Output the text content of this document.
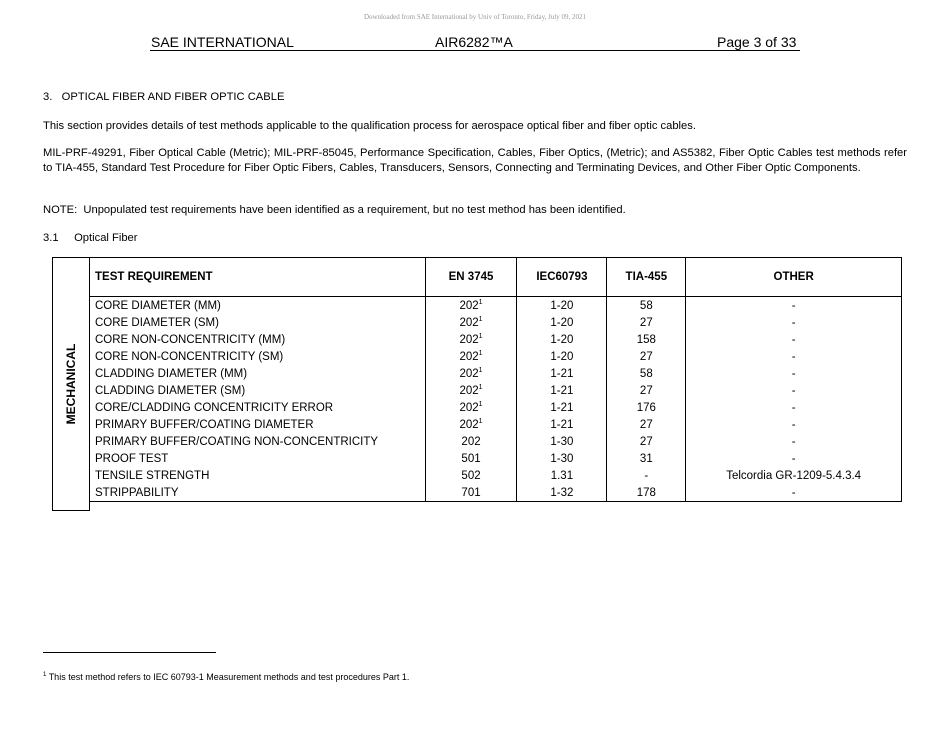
Downloaded from SAE International by Univ of Toronto, Friday, July 09, 2021
SAE INTERNATIONAL	AIR6282™A	Page 3 of 33
3.   OPTICAL FIBER AND FIBER OPTIC CABLE
This section provides details of test methods applicable to the qualification process for aerospace optical fiber and fiber optic cables.
MIL-PRF-49291, Fiber Optical Cable (Metric); MIL-PRF-85045, Performance Specification, Cables, Fiber Optics, (Metric); and AS5382, Fiber Optic Cables test methods refer to TIA-455, Standard Test Procedure for Fiber Optic Fibers, Cables, Transducers, Sensors, Connecting and Terminating Devices, and Other Fiber Optic Components.
NOTE:  Unpopulated test requirements have been identified as a requirement, but no test method has been identified.
3.1     Optical Fiber
TEST REQUIREMENT	EN 3745	IEC60793	TIA-455	OTHER
CORE DIAMETER (MM)	$202^1$	1-20	58	-
CORE DIAMETER (SM)	$202^1$	1-20	27	-
CORE NON-CONCENTRICITY (MM)	$202^1$	1-20	158	-
CORE NON-CONCENTRICITY (SM)	$202^1$	1-20	27	-
CLADDING DIAMETER (MM)	$202^1$	1-21	58	-
CLADDING DIAMETER (SM)	$202^1$	1-21	27	-
CORE/CLADDING CONCENTRICITY ERROR	$202^1$	1-21	176	-
PRIMARY BUFFER/COATING DIAMETER	$202^1$	1-21	27	-
PRIMARY BUFFER/COATING NON-CONCENTRICITY	202	1-30	27	-
PROOF TEST	501	1-30	31	-
TENSILE STRENGTH	502	1.31	-	Telcordia GR-1209-5.4.3.4
STRIPPABILITY	701	1-32	178	-
MECHANICAL
$^1$ This test method refers to IEC 60793-1 Measurement methods and test procedures Part 1.
